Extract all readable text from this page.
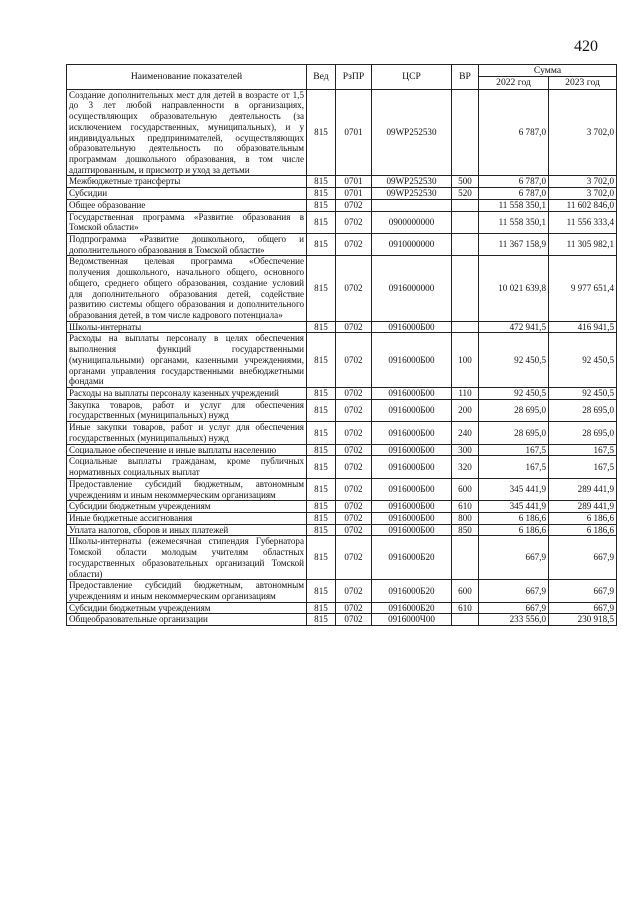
420
Наименование показателей	Вед	РзПР	ЦСР	ВР	Сумма	
					2022 год	2023 год
Создание дополнительных мест для детей в возрасте от 1,5 до 3 лет любой направленности в организациях, осуществляющих образовательную деятельность (за исключением государственных, муниципальных), и у индивидуальных предпринимателей, осуществляющих образовательную деятельность по образовательным программам дошкольного образования, в том числе адаптированным, и присмотр и уход за детьми	815	0701	09WP252530		6 787,0	3 702,0
Межбюджетные трансферты	815	0701	09WP252530	500	6 787,0	3 702,0
Субсидии	815	0701	09WP252530	520	6 787,0	3 702,0
Общее образование	815	0702			11 558 350,1	11 602 846,0
Государственная программа «Развитие образования в Томской области»	815	0702	0900000000		11 558 350,1	11 556 333,4
Подпрограмма «Развитие дошкольного, общего и дополнительного образования в Томской области»	815	0702	0910000000		11 367 158,9	11 305 982,1
Ведомственная целевая программа «Обеспечение получения дошкольного, начального общего, основного общего, среднего общего образования, создание условий для дополнительного образования детей, содействие развитию системы общего образования и дополнительного образования детей, в том числе кадрового потенциала»	815	0702	0916000000		10 021 639,8	9 977 651,4
Школы-интернаты	815	0702	0916000Б00		472 941,5	416 941,5
Расходы на выплаты персоналу в целях обеспечения выполнения функций государственными (муниципальными) органами, казенными учреждениями, органами управления государственными внебюджетными фондами	815	0702	0916000Б00	100	92 450,5	92 450,5
Расходы на выплаты персоналу казенных учреждений	815	0702	0916000Б00	110	92 450,5	92 450,5
Закупка товаров, работ и услуг для обеспечения государственных (муниципальных) нужд	815	0702	0916000Б00	200	28 695,0	28 695,0
Иные закупки товаров, работ и услуг для обеспечения государственных (муниципальных) нужд	815	0702	0916000Б00	240	28 695,0	28 695,0
Социальное обеспечение и иные выплаты населению	815	0702	0916000Б00	300	167,5	167,5
Социальные выплаты гражданам, кроме публичных нормативных социальных выплат	815	0702	0916000Б00	320	167,5	167,5
Предоставление субсидий бюджетным, автономным учреждениям и иным некоммерческим организациям	815	0702	0916000Б00	600	345 441,9	289 441,9
Субсидии бюджетным учреждениям	815	0702	0916000Б00	610	345 441,9	289 441,9
Иные бюджетные ассигнования	815	0702	0916000Б00	800	6 186,6	6 186,6
Уплата налогов, сборов и иных платежей	815	0702	0916000Б00	850	6 186,6	6 186,6
Школы-интернаты (ежемесячная стипендия Губернатора Томской области молодым учителям областных государственных образовательных организаций Томской области)	815	0702	0916000Б20		667,9	667,9
Предоставление субсидий бюджетным, автономным учреждениям и иным некоммерческим организациям	815	0702	0916000Б20	600	667,9	667,9
Субсидии бюджетным учреждениям	815	0702	0916000Б20	610	667,9	667,9
Общеобразовательные организации	815	0702	0916000Ч00		233 556,0	230 918,5
